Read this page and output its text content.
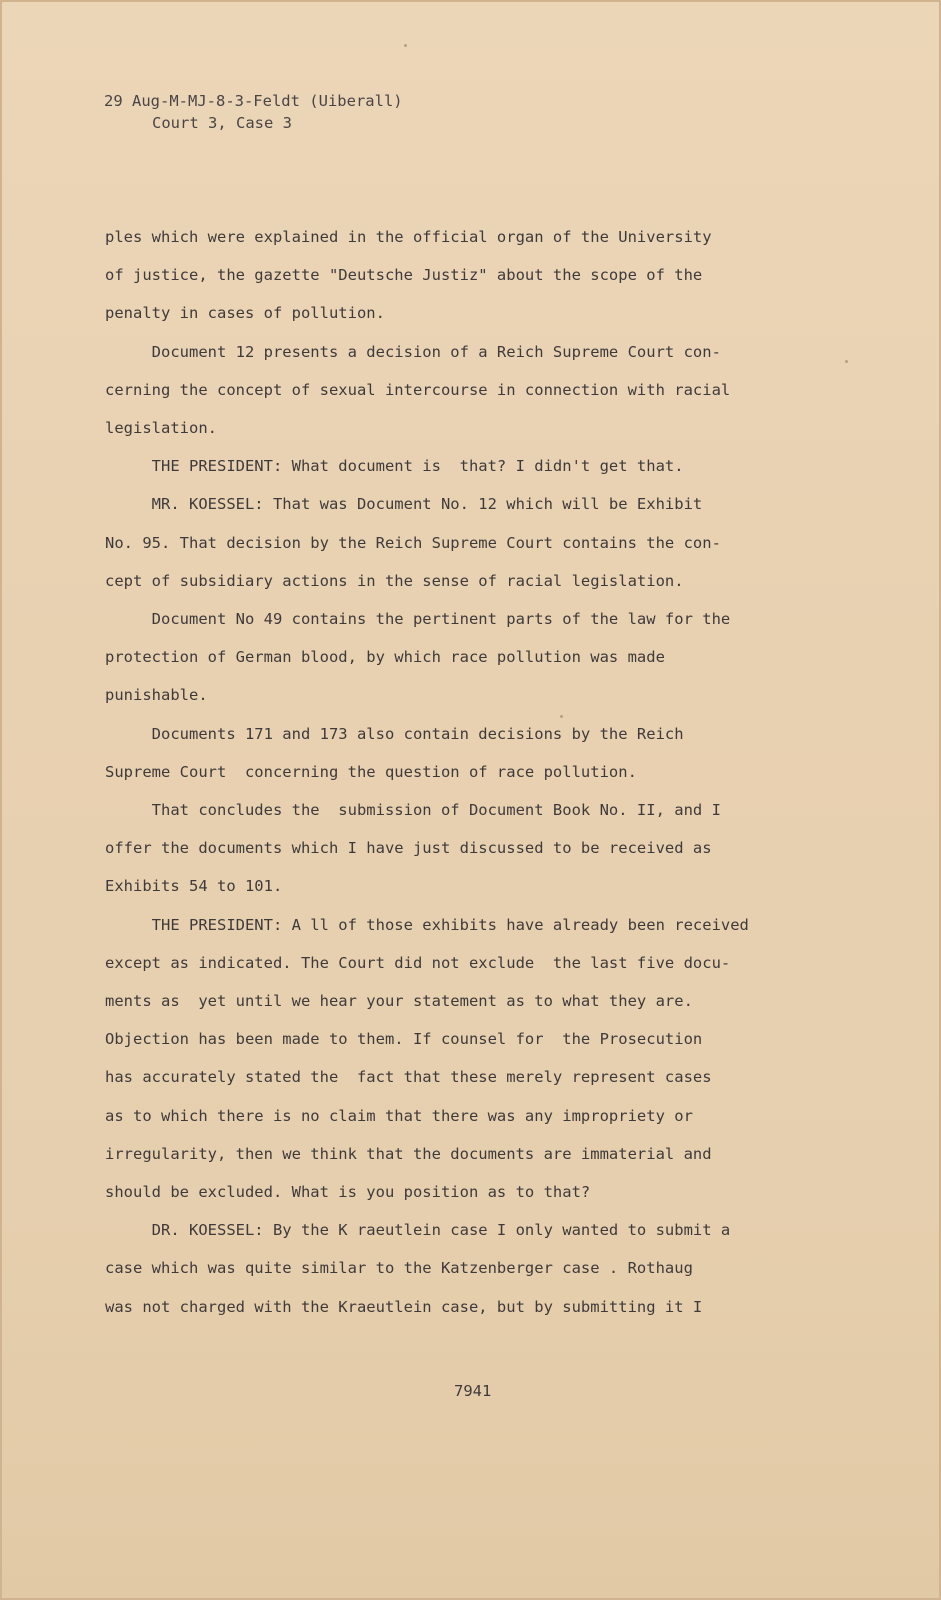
29 Aug-M-MJ-8-3-Feldt (Uiberall)
Court 3, Case 3

ples which were explained in the official organ of the University

of justice, the gazette "Deutsche Justiz" about the scope of the

penalty in cases of pollution.

Document 12 presents a decision of a Reich Supreme Court con-

cerning the concept of sexual intercourse in connection with racial

legislation.

THE PRESIDENT: What document is  that? I didn't get that.

MR. KOESSEL: That was Document No. 12 which will be Exhibit

No. 95. That decision by the Reich Supreme Court contains the con-

cept of subsidiary actions in the sense of racial legislation.

Document No 49 contains the pertinent parts of the law for the

protection of German blood, by which race pollution was made

punishable.

Documents 171 and 173 also contain decisions by the Reich

Supreme Court  concerning the question of race pollution.

That concludes the  submission of Document Book No. II, and I

offer the documents which I have just discussed to be received as

Exhibits 54 to 101.

THE PRESIDENT: A ll of those exhibits have already been received

except as indicated. The Court did not exclude  the last five docu-

ments as  yet until we hear your statement as to what they are.

Objection has been made to them. If counsel for  the Prosecution

has accurately stated the  fact that these merely represent cases

as to which there is no claim that there was any impropriety or

irregularity, then we think that the documents are immaterial and

should be excluded. What is you position as to that?

DR. KOESSEL: By the K raeutlein case I only wanted to submit a

case which was quite similar to the Katzenberger case . Rothaug

was not charged with the Kraeutlein case, but by submitting it I

7941
